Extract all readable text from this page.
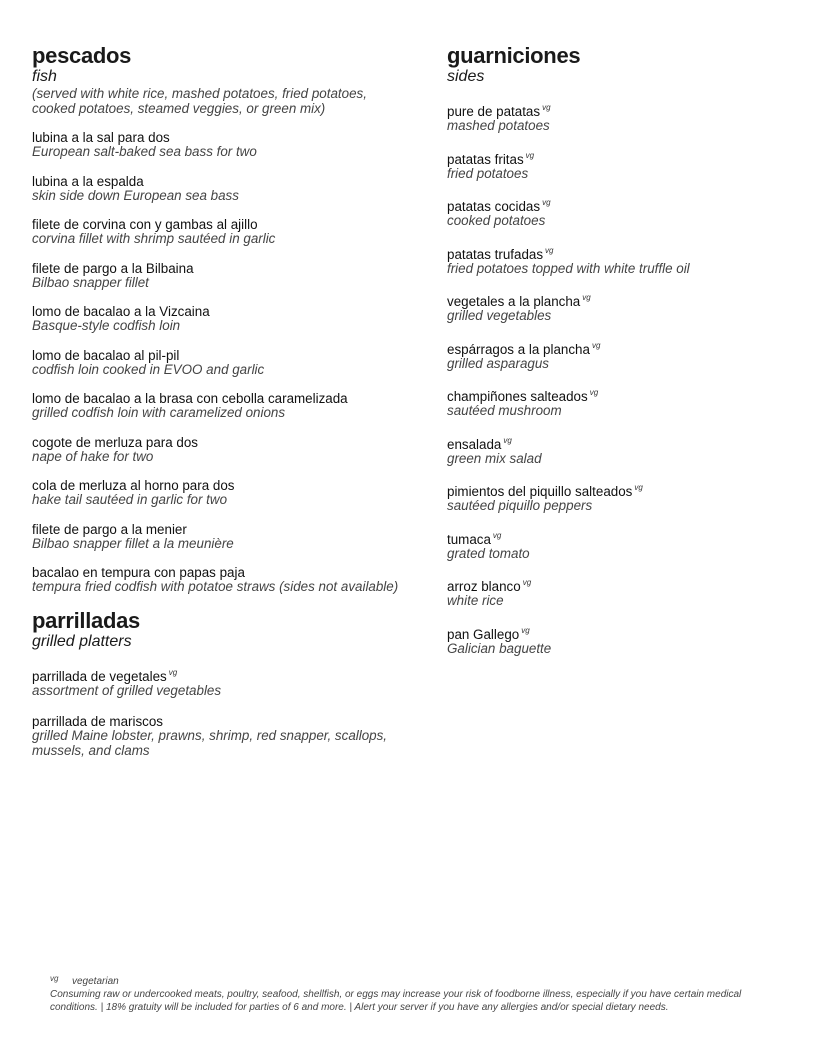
pescados
fish
(served with white rice, mashed potatoes, fried potatoes, cooked potatoes, steamed veggies, or green mix)
lubina a la sal para dos
European salt-baked sea bass for two
lubina a la espalda
skin side down European sea bass
filete de corvina con y gambas al ajillo
corvina fillet with shrimp sautéed in garlic
filete de pargo a la Bilbaina
Bilbao snapper fillet
lomo de bacalao a la Vizcaina
Basque-style codfish loin
lomo de bacalao al pil-pil
codfish loin cooked in EVOO and garlic
lomo de bacalao a la brasa con cebolla caramelizada
grilled codfish loin with caramelized onions
cogote de merluza para dos
nape of hake for two
cola de merluza al horno para dos
hake tail sautéed in garlic for two
filete de pargo a la menier
Bilbao snapper fillet a la meunière
bacalao en tempura con papas paja
tempura fried codfish with potatoe straws (sides not available)
parrilladas
grilled platters
parrillada de vegetales $^{vg}$
assortment of grilled vegetables
parrillada de mariscos
grilled Maine lobster, prawns, shrimp, red snapper, scallops, mussels, and clams
guarniciones
sides
pure de patatas $^{vg}$
mashed potatoes
patatas fritas $^{vg}$
fried potatoes
patatas cocidas $^{vg}$
cooked potatoes
patatas trufadas $^{vg}$
fried potatoes topped with white truffle oil
vegetales a la plancha $^{vg}$
grilled vegetables
espárragos a la plancha $^{vg}$
grilled asparagus
champiñones salteados $^{vg}$
sautéed mushroom
ensalada $^{vg}$
green mix salad
pimientos del piquillo salteados $^{vg}$
sautéed piquillo peppers
tumaca $^{vg}$
grated tomato
arroz blanco $^{vg}$
white rice
pan Gallego $^{vg}$
Galician baguette
vg vegetarian
Consuming raw or undercooked meats, poultry, seafood, shellfish, or eggs may increase your risk of foodborne illness, especially if you have certain medical conditions. | 18% gratuity will be included for parties of 6 and more. | Alert your server if you have any allergies and/or special dietary needs.
